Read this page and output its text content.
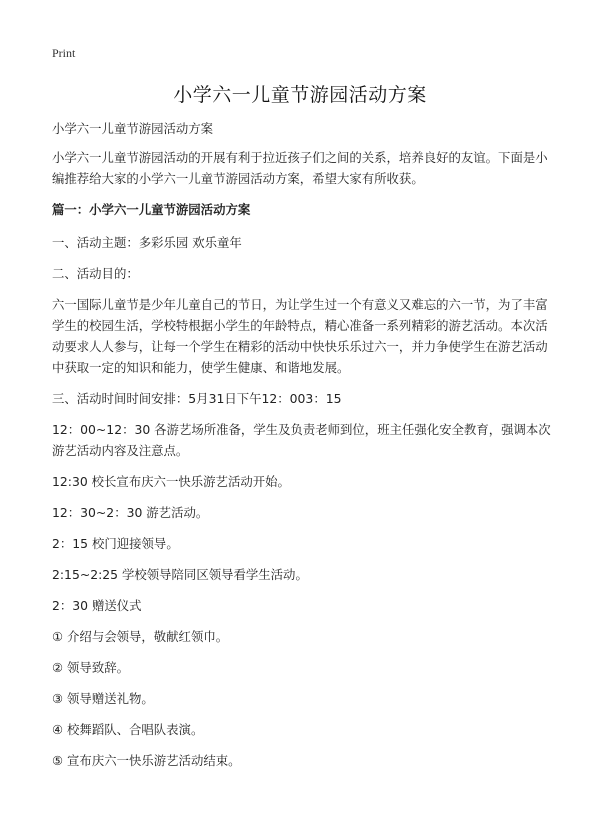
Print
小学六一儿童节游园活动方案

小学六一儿童节游园活动方案

小学六一儿童节游园活动的开展有利于拉近孩子们之间的关系，培养良好的友谊。下面是小编推荐给大家的小学六一儿童节游园活动方案，希望大家有所收获。

篇一：小学六一儿童节游园活动方案

一、活动主题：多彩乐园 欢乐童年

二、活动目的：

六一国际儿童节是少年儿童自己的节日，为让学生过一个有意义又难忘的六一节，为了丰富学生的校园生活，学校特根据小学生的年龄特点，精心准备一系列精彩的游艺活动。本次活动要求人人参与，让每一个学生在精彩的活动中快快乐乐过六一，并力争使学生在游艺活动中获取一定的知识和能力，使学生健康、和谐地发展。

三、活动时间时间安排：5月31日下午12：003：15

12：00~12：30 各游艺场所准备，学生及负责老师到位，班主任强化安全教育，强调本次游艺活动内容及注意点。

12:30 校长宣布庆六一快乐游艺活动开始。

12：30~2：30 游艺活动。

2：15 校门迎接领导。

2:15~2:25 学校领导陪同区领导看学生活动。

2：30 赠送仪式

① 介绍与会领导，敬献红领巾。

② 领导致辞。

③ 领导赠送礼物。

④ 校舞蹈队、合唱队表演。

⑤ 宣布庆六一快乐游艺活动结束。
